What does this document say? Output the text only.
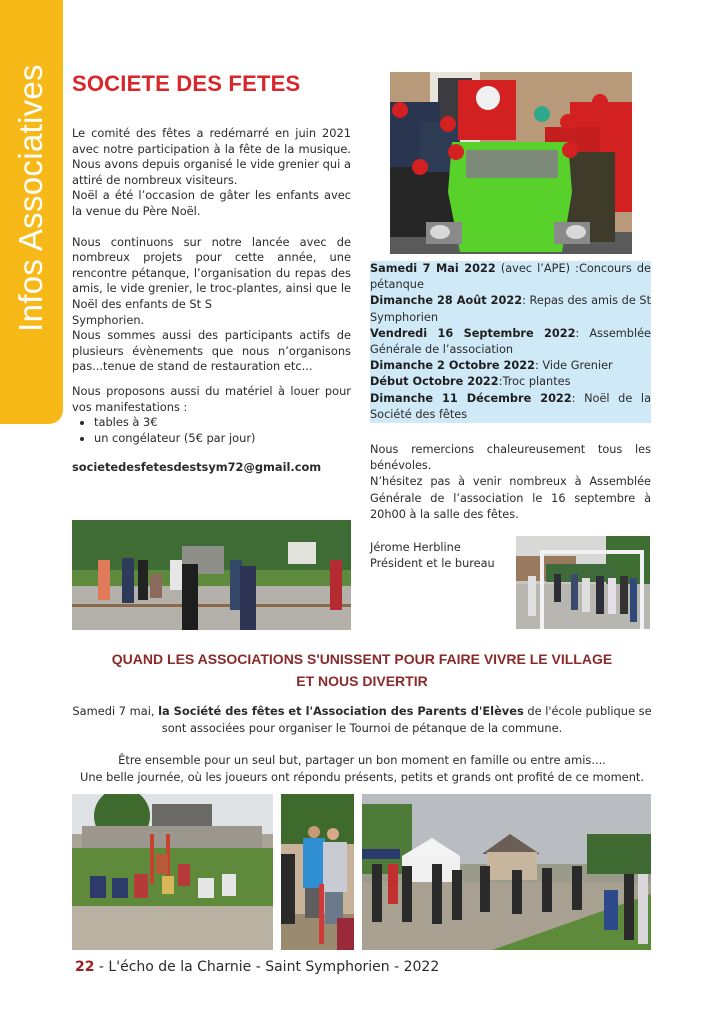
Infos Associatives SOCIETE DES FETES

Le comité des fêtes a redémarré en juin 2021 avec notre participation à la fête de la musique. Nous avons depuis organisé le vide grenier qui a attiré de nombreux visiteurs.

Noël a été l’occasion de gâter les enfants avec la venue du Père Noël.

Nous continuons sur notre lancée avec de nombreux projets pour cette année, une rencontre pétanque, l’organisation du repas des amis, le vide grenier, le troc-plantes, ainsi que le Noël des enfants de St S

Symphorien.

Nous sommes aussi des participants actifs de plusieurs évènements que nous n’organisons pas...tenue de stand de restauration etc...

Nous proposons aussi du matériel à louer pour vos manifestations :

• tables à 3€
• un congélateur (5€ par jour)

societedesfetesdestsym72@gmail.com

Samedi 7 Mai 2022 (avec l’APE) :Concours de pétanque

Dimanche 28 Août 2022: Repas des amis de St Symphorien

Vendredi 16 Septembre 2022: Assemblée Générale de l’association

Dimanche 2 Octobre 2022: Vide Grenier

Début Octobre 2022:Troc plantes

Dimanche 11 Décembre 2022: Noël de la Société des fêtes

Nous remercions chaleureusement tous les bénévoles.

N’hésitez pas à venir nombreux à Assemblée Générale de l’association le 16 septembre à 20h00 à la salle des fêtes.

Jérome Herbline

Président et le bureau

QUAND LES ASSOCIATIONS S'UNISSENT POUR FAIRE VIVRE LE VILLAGE
ET NOUS DIVERTIR

Samedi 7 mai, la Société des fêtes et l'Association des Parents d'Elèves de l'école publique se sont associées pour organiser le Tournoi de pétanque de la commune.

Être ensemble pour un seul but, partager un bon moment en famille ou entre amis....

Une belle journée, où les joueurs ont répondu présents, petits et grands ont profité de ce moment.

22 - L'écho de la Charnie - Saint Symphorien - 2022
